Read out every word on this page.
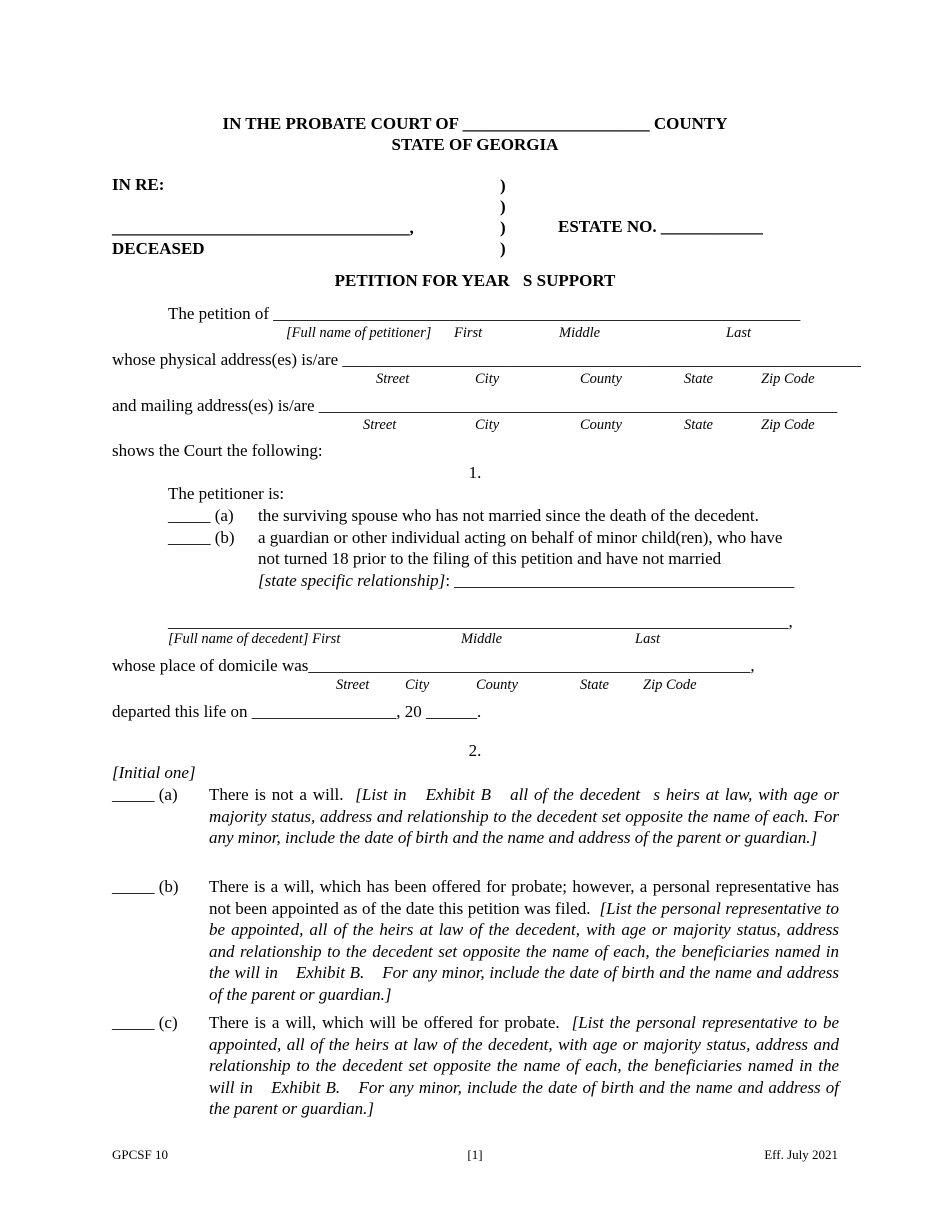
IN THE PROBATE COURT OF ______________________ COUNTY
STATE OF GEORGIA
IN RE:	)
)
)
)
___________________________________,
DECEASED
ESTATE NO. ____________
PETITION FOR YEAR S SUPPORT
The petition of ______________________________________________________________
[Full name of petitioner] First	Middle	Last
whose physical address(es) is/are _____________________________________________________________
Street	City	County	State	Zip Code
and mailing address(es) is/are _____________________________________________________________
Street	City	County	State	Zip Code
shows the Court the following:
1.
The petitioner is:
_____ (a) the surviving spouse who has not married since the death of the decedent.
_____ (b) a guardian or other individual acting on behalf of minor child(ren), who have
not turned 18 prior to the filing of this petition and have not married
[state specific relationship]: ________________________________________
_________________________________________________________________________,
[Full name of decedent] First	Middle	Last
whose place of domicile was____________________________________________________,
Street City	County	State Zip Code
departed this life on _________________, 20 ______.
2.
[Initial one]
_____ (a) There is not a will. [List in  Exhibit B  all of the decedent s heirs at law, with age or majority status, address and relationship to the decedent set opposite the name of each. For any minor, include the date of birth and the name and address of the parent or guardian.]
_____ (b) There is a will, which has been offered for probate; however, a personal representative has not been appointed as of the date this petition was filed. [List the personal representative to be appointed, all of the heirs at law of the decedent, with age or majority status, address and relationship to the decedent set opposite the name of each, the beneficiaries named in the will in  Exhibit B.  For any minor, include the date of birth and the name and address of the parent or guardian.]
_____ (c) There is a will, which will be offered for probate. [List the personal representative to be appointed, all of the heirs at law of the decedent, with age or majority status, address and relationship to the decedent set opposite the name of each, the beneficiaries named in the will in  Exhibit B.  For any minor, include the date of birth and the name and address of the parent or guardian.]
GPCSF 10	[1]	Eff. July 2021
